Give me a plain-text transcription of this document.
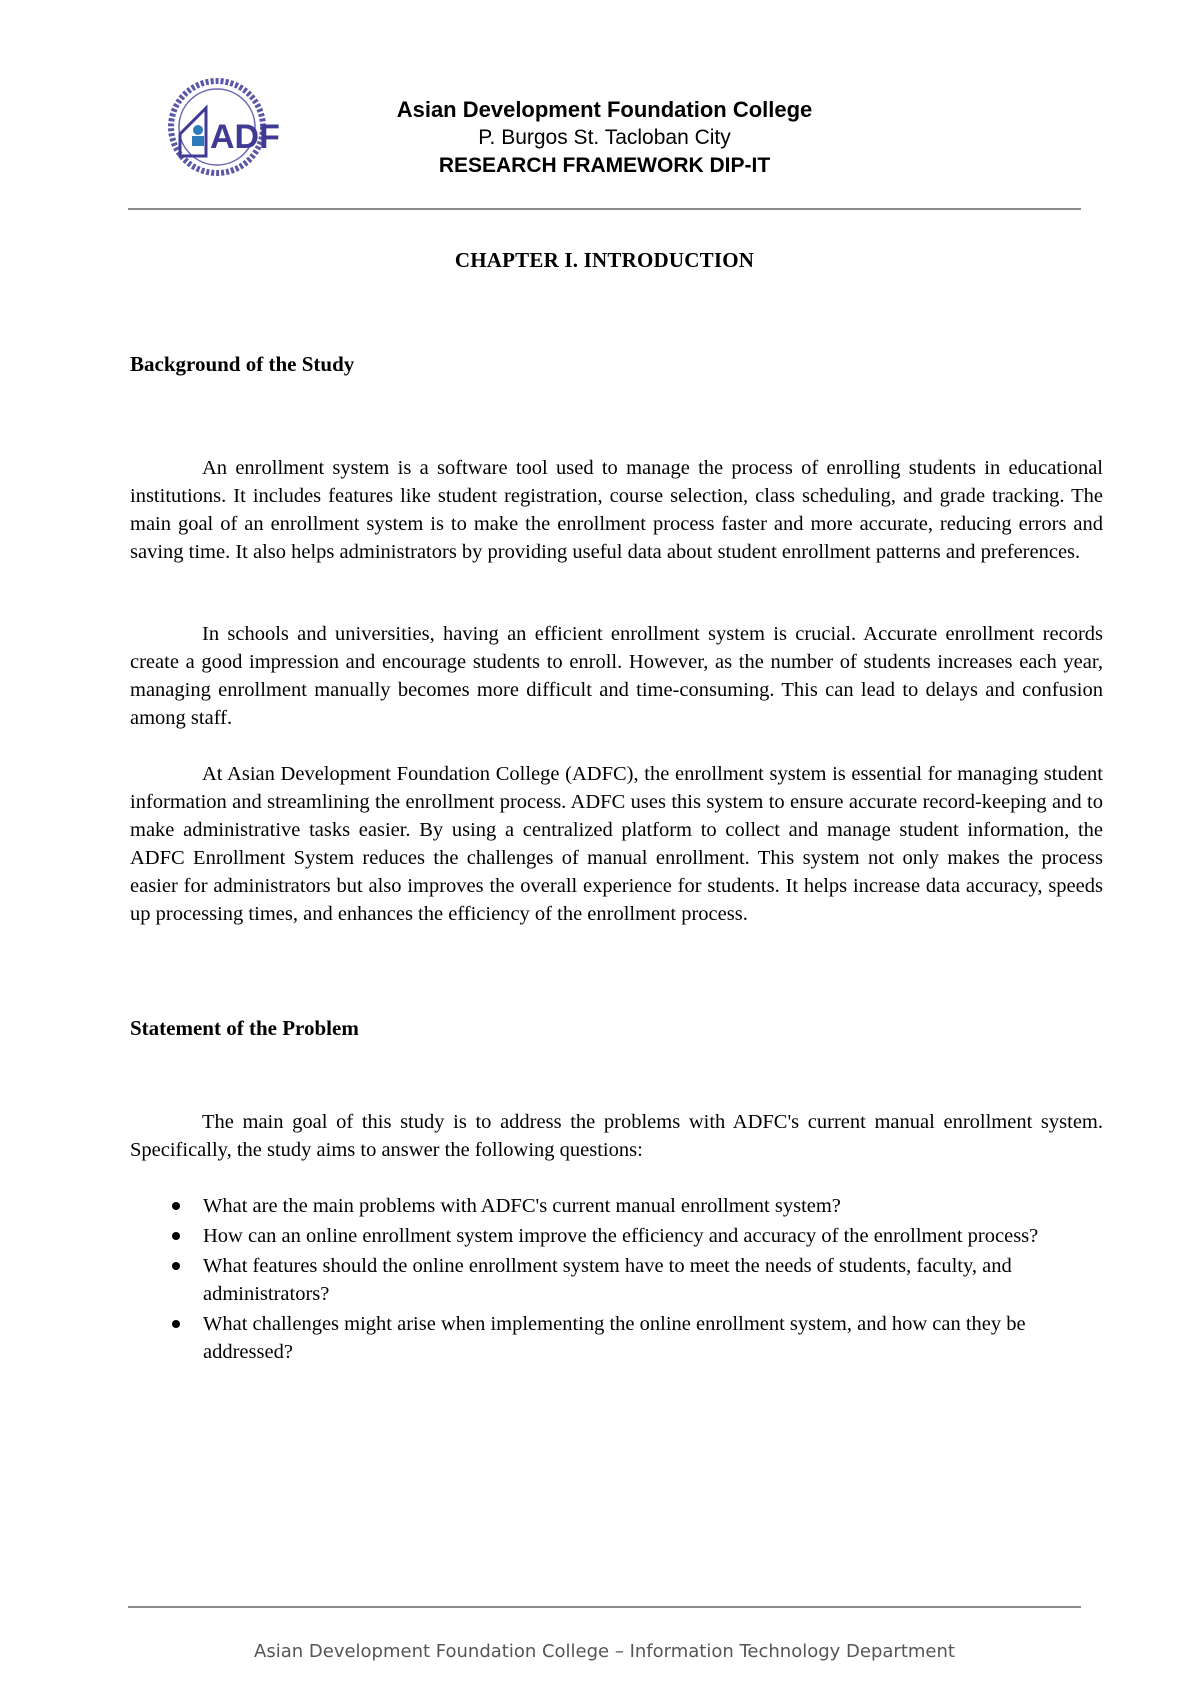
ADF
Asian Development Foundation College
P. Burgos St. Tacloban City
RESEARCH FRAMEWORK DIP-IT
CHAPTER I. INTRODUCTION
Background of the Study

An enrollment system is a software tool used to manage the process of enrolling students in educational institutions. It includes features like student registration, course selection, class scheduling, and grade tracking. The main goal of an enrollment system is to make the enrollment process faster and more accurate, reducing errors and saving time. It also helps administrators by providing useful data about student enrollment patterns and preferences.

In schools and universities, having an efficient enrollment system is crucial. Accurate enrollment records create a good impression and encourage students to enroll. However, as the number of students increases each year, managing enrollment manually becomes more difficult and time-consuming. This can lead to delays and confusion among staff.

At Asian Development Foundation College (ADFC), the enrollment system is essential for managing student information and streamlining the enrollment process. ADFC uses this system to ensure accurate record-keeping and to make administrative tasks easier. By using a centralized platform to collect and manage student information, the ADFC Enrollment System reduces the challenges of manual enrollment. This system not only makes the process easier for administrators but also improves the overall experience for students. It helps increase data accuracy, speeds up processing times, and enhances the efficiency of the enrollment process.

Statement of the Problem

The main goal of this study is to address the problems with ADFC's current manual enrollment system. Specifically, the study aims to answer the following questions:

What are the main problems with ADFC's current manual enrollment system?
How can an online enrollment system improve the efficiency and accuracy of the enrollment process?
What features should the online enrollment system have to meet the needs of students, faculty, and administrators?
What challenges might arise when implementing the online enrollment system, and how can they be addressed?
Asian Development Foundation College – Information Technology Department
